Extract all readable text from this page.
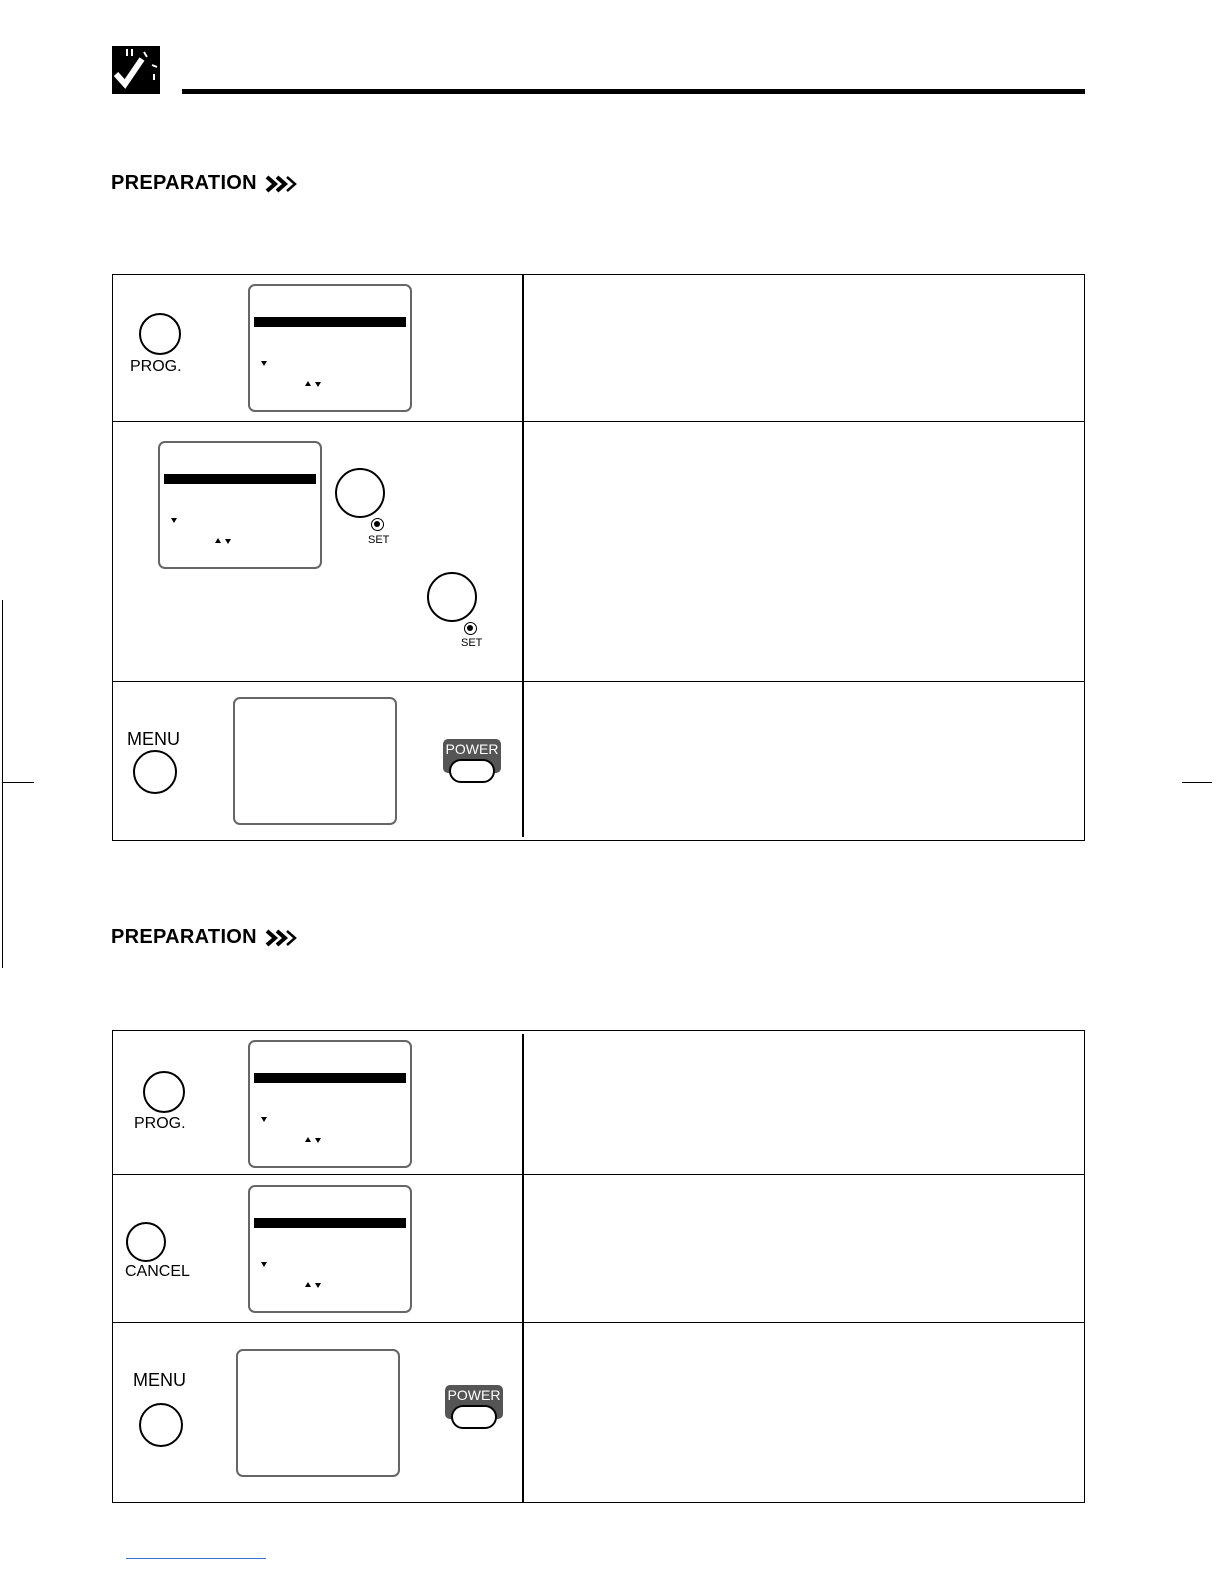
PREPARATION
PROG.
SET
SET
MENU	POWER
PREPARATION
PROG.
CANCEL
MENU
POWER
